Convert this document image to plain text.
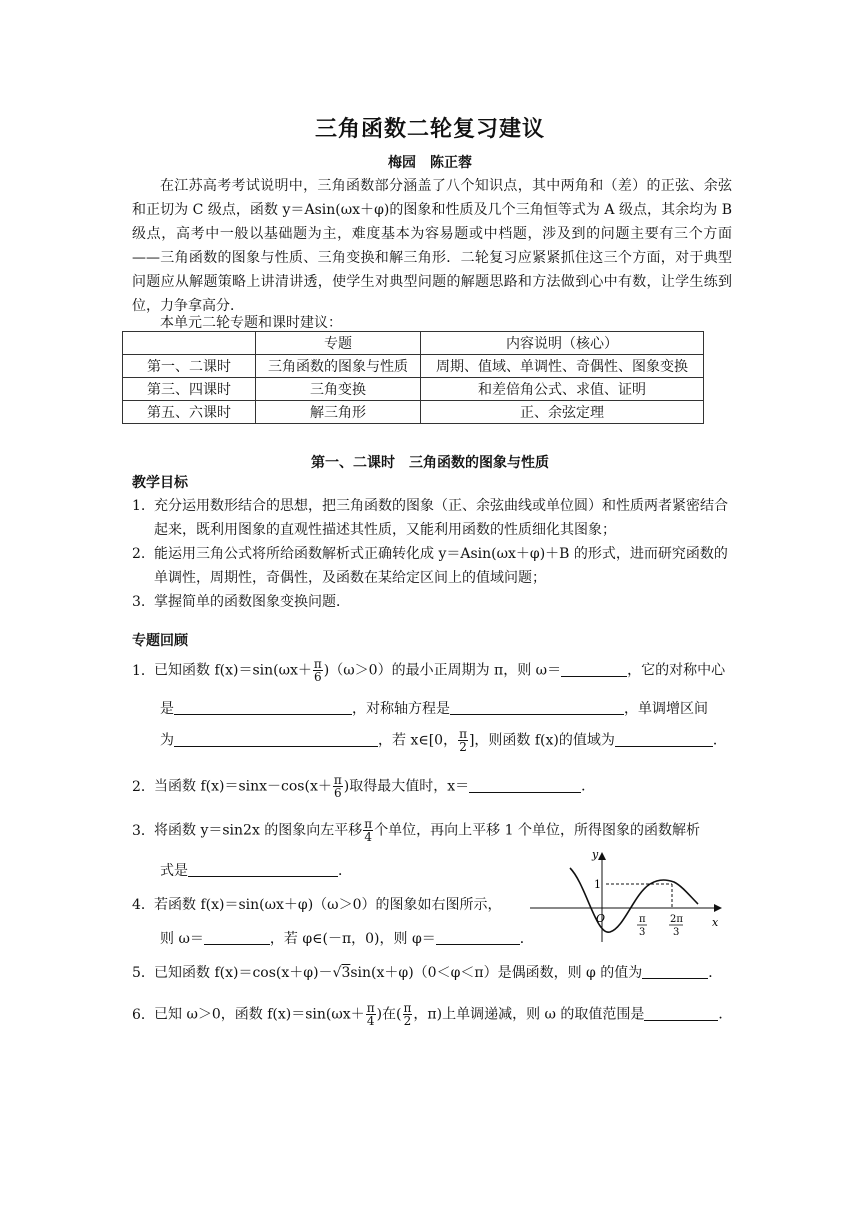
三角函数二轮复习建议
梅园　陈正蓉

在江苏高考考试说明中，三角函数部分涵盖了八个知识点，其中两角和（差）的正弦、余弦和正切为 C 级点，函数 y＝Asin(ωx＋φ)的图象和性质及几个三角恒等式为 A 级点，其余均为 B 级点，高考中一般以基础题为主，难度基本为容易题或中档题，涉及到的问题主要有三个方面——三角函数的图象与性质、三角变换和解三角形．二轮复习应紧紧抓住这三个方面，对于典型问题应从解题策略上讲清讲透，使学生对典型问题的解题思路和方法做到心中有数，让学生练到位，力争拿高分．

本单元二轮专题和课时建议：
	专题	内容说明（核心）
第一、二课时	三角函数的图象与性质	周期、值域、单调性、奇偶性、图象变换
第三、四课时	三角变换	和差倍角公式、求值、证明
第五、六课时	解三角形	正、余弦定理
第一、二课时　三角函数的图象与性质
教学目标
1. 充分运用数形结合的思想，把三角函数的图象（正、余弦曲线或单位圆）和性质两者紧密结合起来，既利用图象的直观性描述其性质，又能利用函数的性质细化其图象；
2. 能运用三角公式将所给函数解析式正确转化成 y＝Asin(ωx＋φ)＋B 的形式，进而研究函数的单调性，周期性，奇偶性，及函数在某给定区间上的值域问题；
3. 掌握简单的函数图象变换问题．
专题回顾
1．已知函数 $f(x)=\sin(\omega x+ \frac{\pi}{6} )(\omega>0)$的最小正周期为 π，则 ω＝	，它的对称中心
是	，对称轴方程是	，单调增区间
为	，若 x∈[0， $\frac{\pi}{2}$ ]，则函数 f(x)的值域为	．
2．当函数 $f(x)=\sin x-\cos(x+ \frac{\pi}{6}$ )取得最大值时，x＝	．
3．将函数 y＝sin2x 的图象向左平移 $\frac{\pi}{4}$ 个单位，再向上平移 1 个单位，所得图象的函数解析
式是	．
4．若函数 f(x)＝sin(ωx＋φ)（ω＞0）的图象如右图所示，
则 ω＝	，若 φ∈(－π，0)，则 φ＝	．
y
x
O
1
π
3
2π
3
5．已知函数 f(x)＝cos(x＋φ)－√3sin(x＋φ)（0＜φ＜π）是偶函数，则 φ 的值为	．
6．已知 ω＞0，函数 $f(x)=\sin(\omega x+ \frac{\pi}{4}$ )在( $\frac{\pi}{2}$ ，π)上单调递减，则 ω 的取值范围是	．
